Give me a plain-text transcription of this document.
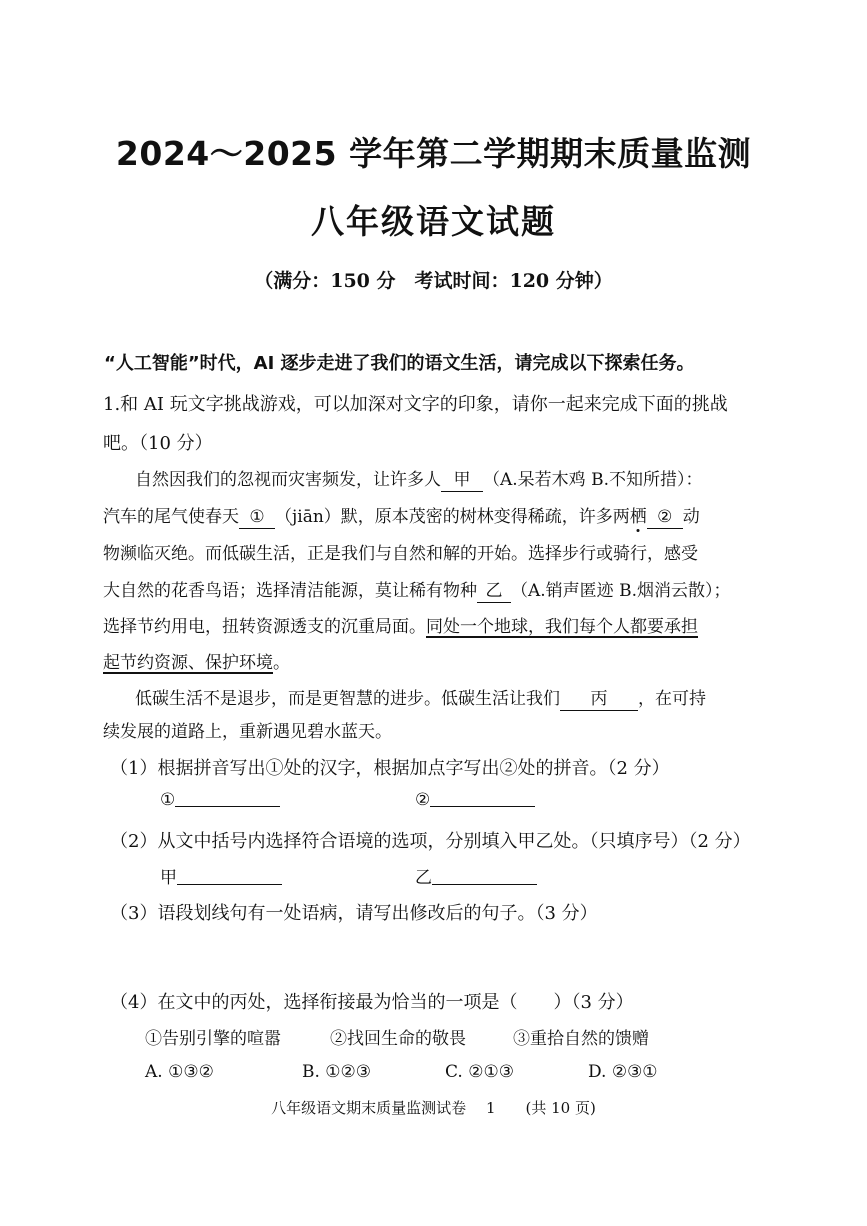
2024～2025 学年第二学期期末质量监测
八年级语文试题
（满分：150 分　考试时间：120 分钟）
“人工智能”时代，AI 逐步走进了我们的语文生活，请完成以下探索任务。
1.和 AI 玩文字挑战游戏，可以加深对文字的印象，请你一起来完成下面的挑战
吧。（10 分）
自然因我们的忽视而灾害频发，让许多人 甲 （A.呆若木鸡 B.不知所措）：
汽车的尾气使春天 ① （jiān）默，原本茂密的树林变得稀疏，许多两栖 ② 动
物濒临灭绝。而低碳生活，正是我们与自然和解的开始。选择步行或骑行，感受
大自然的花香鸟语；选择清洁能源，莫让稀有物种 乙 （A.销声匿迹 B.烟消云散）；
选择节约用电，扭转资源透支的沉重局面。同处一个地球，我们每个人都要承担
起节约资源、保护环境。
低碳生活不是退步，而是更智慧的进步。低碳生活让我们 丙 ，在可持
续发展的道路上，重新遇见碧水蓝天。
（1）根据拼音写出①处的汉字，根据加点字写出②处的拼音。（2 分）
①	②
（2）从文中括号内选择符合语境的选项，分别填入甲乙处。（只填序号）（2 分）
甲	乙
（3）语段划线句有一处语病，请写出修改后的句子。（3 分）
（4）在文中的丙处，选择衔接最为恰当的一项是（　　）（3 分）
①告别引擎的喧嚣	②找回生命的敬畏	③重拾自然的馈赠
A. ①③②	B. ①②③	C. ②①③	D. ②③①
八年级语文期末质量监测试卷　 1　　(共 10 页)
